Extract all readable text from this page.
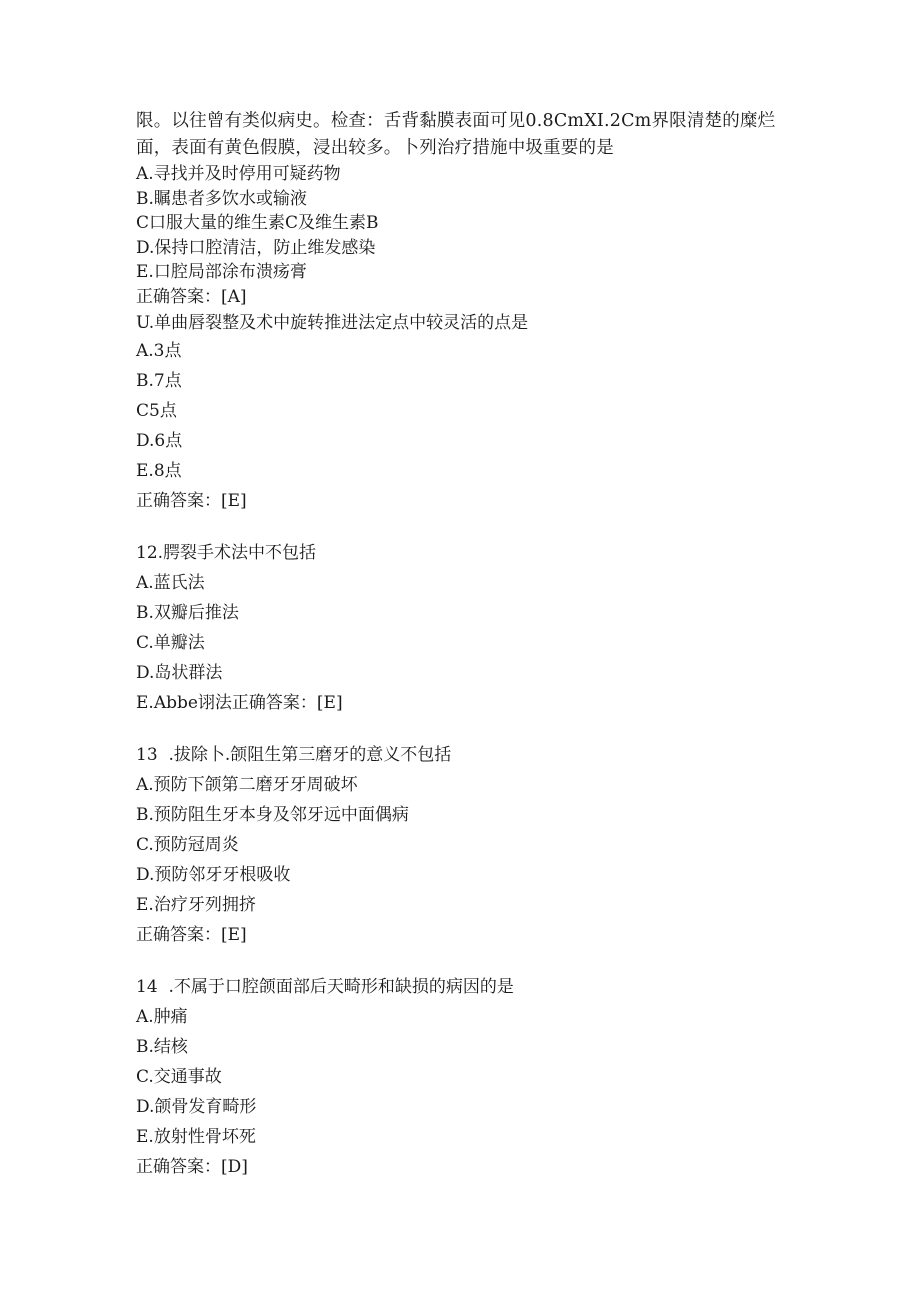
限。以往曾有类似病史。检查：舌背黏膜表面可见0.8CmXI.2Cm界限清楚的糜烂

面，表面有黄色假膜，浸出较多。卜列治疗措施中圾重要的是

A.寻找并及时停用可疑药物

B.瞩患者多饮水或输液

C口服大量的维生素C及维生素B

D.保持口腔清洁，防止维发感染

E.口腔局部涂布溃疡膏

正确答案：[A]

U.单曲唇裂整及术中旋转推进法定点中较灵活的点是

A.3点

B.7点

C5点

D.6点

E.8点

正确答案：[E]

12.腭裂手术法中不包括

A.蓝氏法

B.双瓣后推法

C.单瓣法

D.岛状群法

E.Abbe诩法正确答案：[E]

13  .拔除卜.颌阻生第三磨牙的意义不包括

A.预防下颌第二磨牙牙周破坏

B.预防阻生牙本身及邻牙远中面偶病

C.预防冠周炎

D.预防邻牙牙根吸收

E.治疗牙列拥挤

正确答案：[E]

14  .不属于口腔颌面部后天畸形和缺损的病因的是

A.肿痛

B.结核

C.交通事故

D.颌骨发育畸形

E.放射性骨坏死

正确答案：[D]
